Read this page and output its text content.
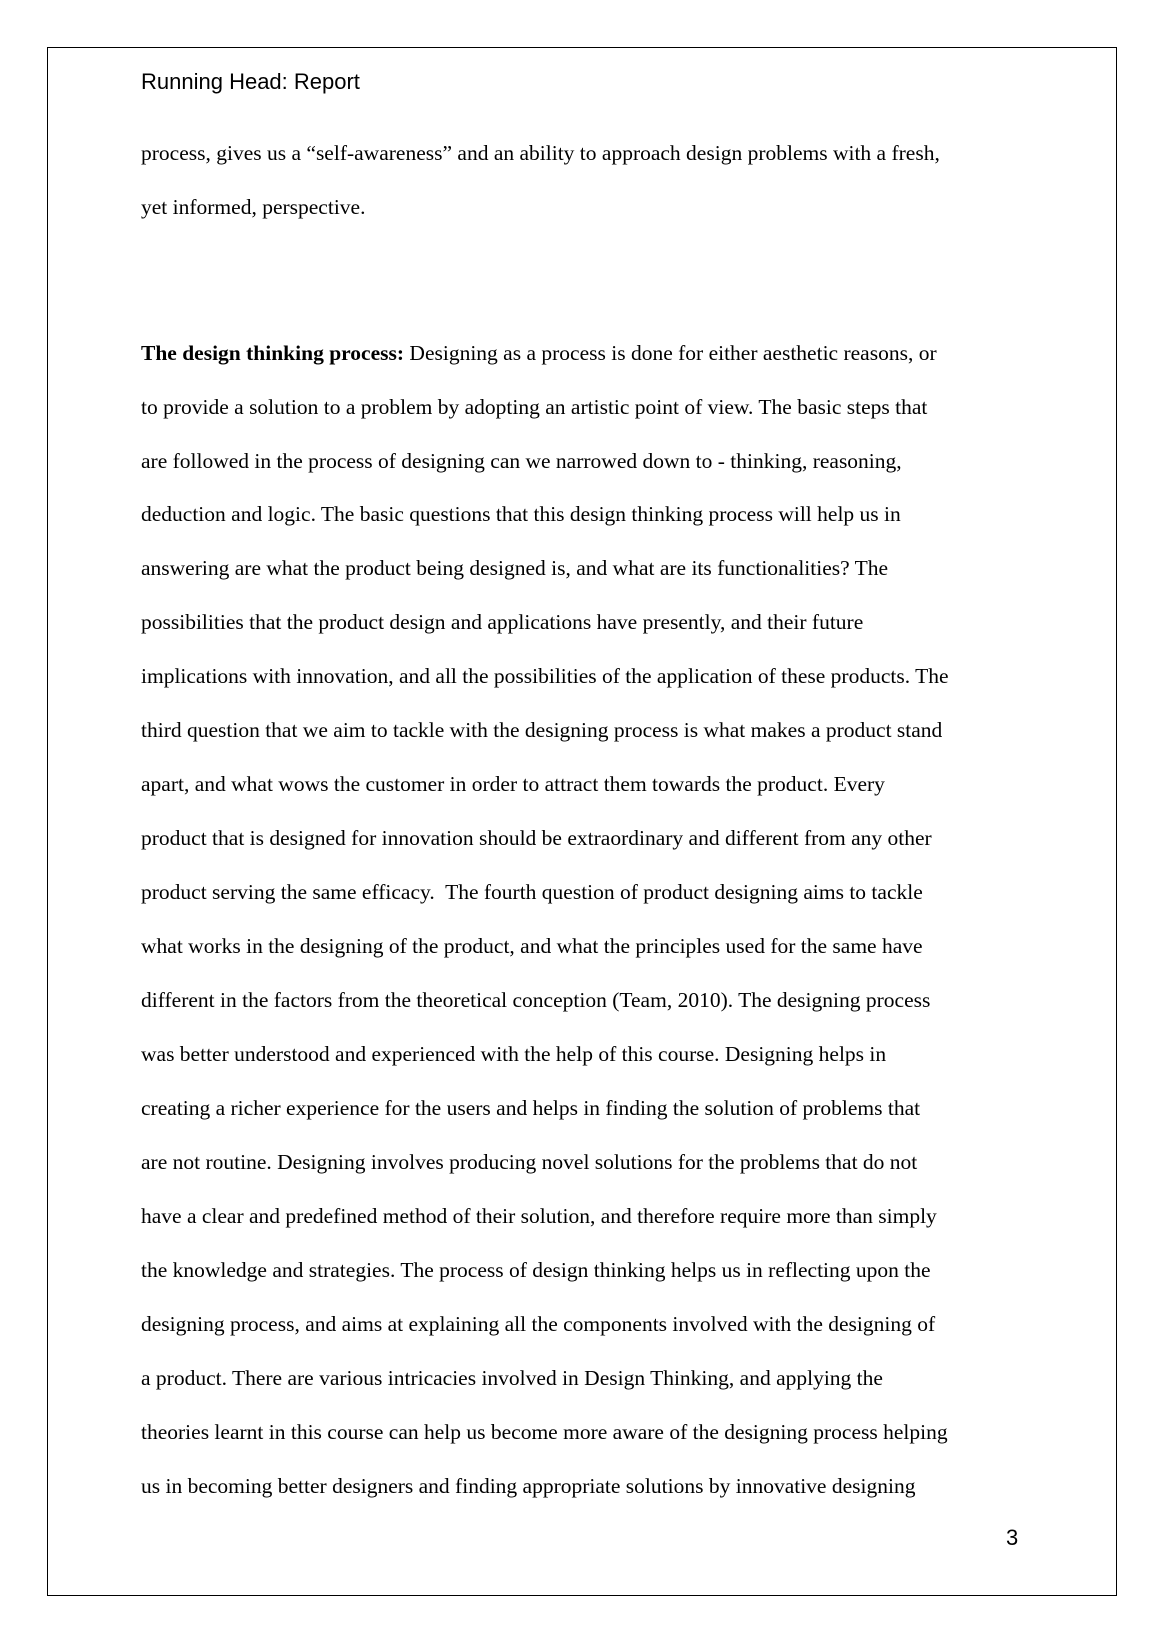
Running Head: Report

process, gives us a “self-awareness” and an ability to approach design problems with a fresh,

yet informed, perspective.

The design thinking process: Designing as a process is done for either aesthetic reasons, or

to provide a solution to a problem by adopting an artistic point of view. The basic steps that

are followed in the process of designing can we narrowed down to - thinking, reasoning,

deduction and logic. The basic questions that this design thinking process will help us in

answering are what the product being designed is, and what are its functionalities? The

possibilities that the product design and applications have presently, and their future

implications with innovation, and all the possibilities of the application of these products. The

third question that we aim to tackle with the designing process is what makes a product stand

apart, and what wows the customer in order to attract them towards the product. Every

product that is designed for innovation should be extraordinary and different from any other

product serving the same efficacy.  The fourth question of product designing aims to tackle

what works in the designing of the product, and what the principles used for the same have

different in the factors from the theoretical conception (Team, 2010). The designing process

was better understood and experienced with the help of this course. Designing helps in

creating a richer experience for the users and helps in finding the solution of problems that

are not routine. Designing involves producing novel solutions for the problems that do not

have a clear and predefined method of their solution, and therefore require more than simply

the knowledge and strategies. The process of design thinking helps us in reflecting upon the

designing process, and aims at explaining all the components involved with the designing of

a product. There are various intricacies involved in Design Thinking, and applying the

theories learnt in this course can help us become more aware of the designing process helping

us in becoming better designers and finding appropriate solutions by innovative designing

3
